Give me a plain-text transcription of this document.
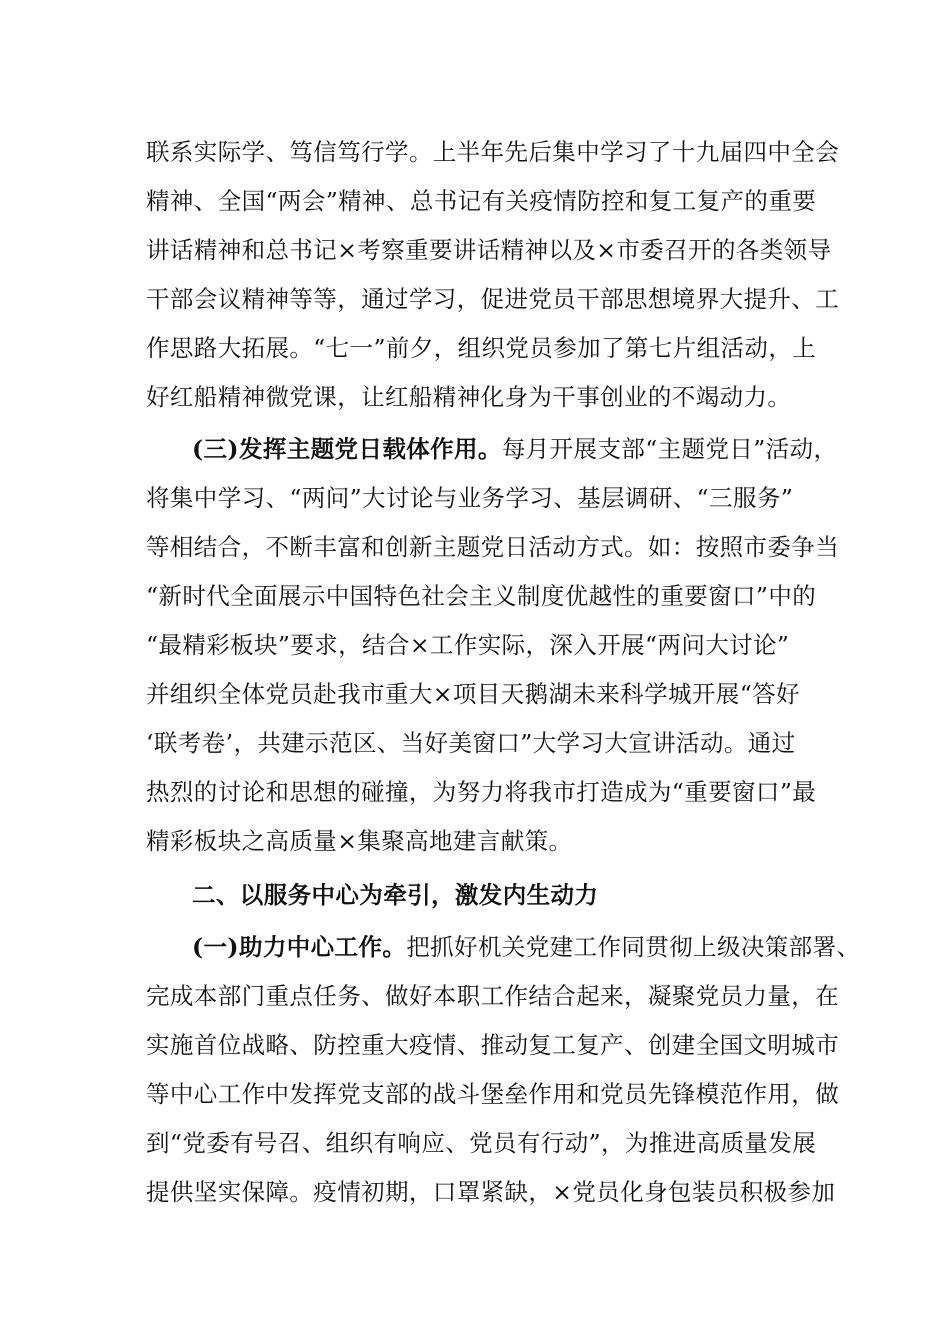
联系实际学、笃信笃行学。上半年先后集中学习了十九届四中全会
精神、全国“两会”精神、总书记有关疫情防控和复工复产的重要
讲话精神和总书记×考察重要讲话精神以及×市委召开的各类领导
干部会议精神等等，通过学习，促进党员干部思想境界大提升、工
作思路大拓展。“七一”前夕，组织党员参加了第七片组活动，上
好红船精神微党课，让红船精神化身为干事创业的不竭动力。
(三)发挥主题党日载体作用。每月开展支部“主题党日”活动，
将集中学习、“两问”大讨论与业务学习、基层调研、“三服务”
等相结合，不断丰富和创新主题党日活动方式。如：按照市委争当
“新时代全面展示中国特色社会主义制度优越性的重要窗口”中的
“最精彩板块”要求，结合×工作实际，深入开展“两问大讨论”
并组织全体党员赴我市重大×项目天鹅湖未来科学城开展“答好
‘联考卷’，共建示范区、当好美窗口”大学习大宣讲活动。通过
热烈的讨论和思想的碰撞，为努力将我市打造成为“重要窗口”最
精彩板块之高质量×集聚高地建言献策。
二、以服务中心为牵引，激发内生动力
(一)助力中心工作。把抓好机关党建工作同贯彻上级决策部署、
完成本部门重点任务、做好本职工作结合起来，凝聚党员力量，在
实施首位战略、防控重大疫情、推动复工复产、创建全国文明城市
等中心工作中发挥党支部的战斗堡垒作用和党员先锋模范作用，做
到“党委有号召、组织有响应、党员有行动”，为推进高质量发展
提供坚实保障。疫情初期，口罩紧缺，×党员化身包装员积极参加
